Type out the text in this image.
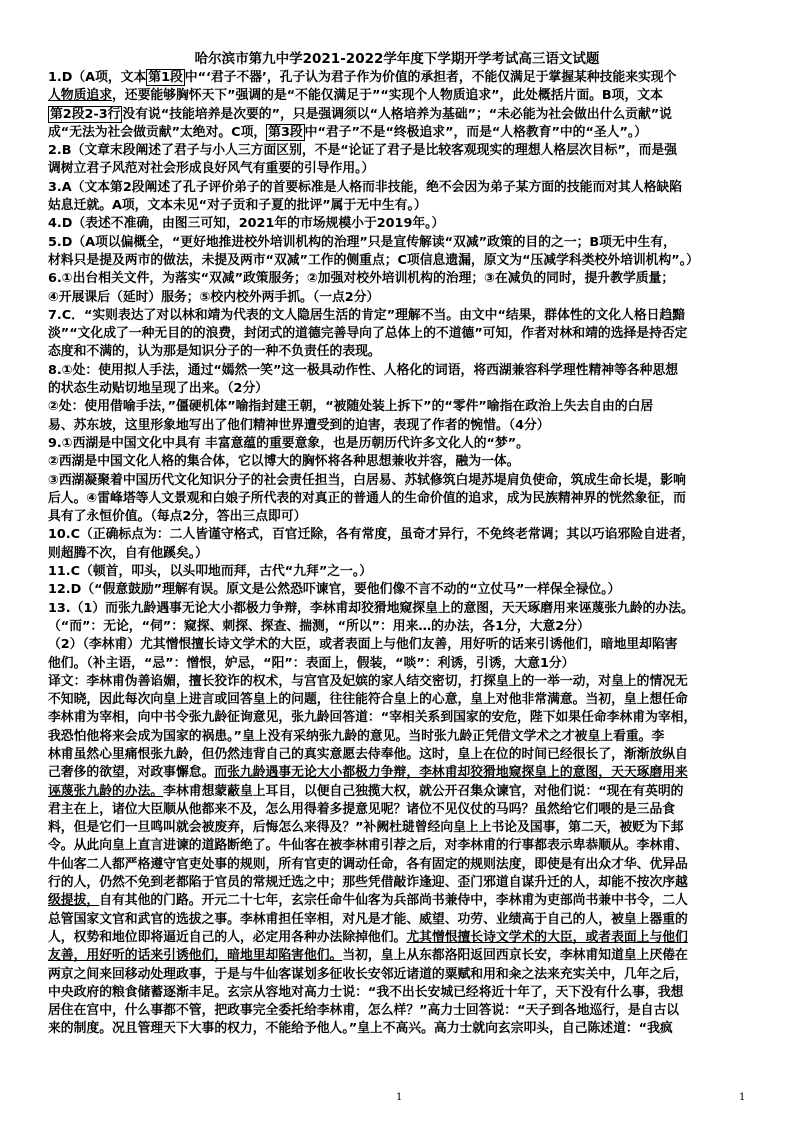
哈尔滨市第九中学2021-2022学年度下学期开学考试高三语文试题
1.D（A项，文本 第1段 中“‘君子不器’，孔子认为君子作为价值的承担者，不能仅满足于掌握某种技能来实现个
人物质追求，还要能够胸怀天下”强调的是“不能仅满足于”“实现个人物质追求”，此处概括片面。B项，文本
第2段2-3行 没有说“技能培养是次要的”，只是强调须以“人格培养为基础”；“未必能为社会做出什么贡献”说
成“无法为社会做贡献”太绝对。C项， 第3段 中“君子”不是“终极追求”，而是“人格教育”中的“圣人”。）
2.B（文章末段阐述了君子与小人三方面区别，不是“论证了君子是比较客观现实的理想人格层次目标”，而是强
调树立君子风范对社会形成良好风气有重要的引导作用。）
3.A（文本第2段阐述了孔子评价弟子的首要标准是人格而非技能，绝不会因为弟子某方面的技能而对其人格缺陷
姑息迁就。A项，文本未见“对子贡和子夏的批评”属于无中生有。）
4.D（表述不准确，由图三可知，2021年的市场规模小于2019年。）
5.D（A项以偏概全，“更好地推进校外培训机构的治理”只是宣传解读“双减”政策的目的之一；B项无中生有，
材料只是提及两市的做法，未提及两市“双减”工作的侧重点；C项信息遗漏，原文为“压减学科类校外培训机构”。）
6.①出台相关文件，为落实“双减”政策服务；②加强对校外培训机构的治理；③在减负的同时，提升教学质量；
④开展课后（延时）服务；⑤校内校外两手抓。（一点2分）
7.C．“实则表达了对以林和靖为代表的文人隐居生活的肯定”理解不当。由文中“结果，群体性的文化人格日趋黯
淡”“文化成了一种无目的的浪费，封闭式的道德完善导向了总体上的不道德”可知，作者对林和靖的选择是持否定
态度和不满的，认为那是知识分子的一种不负责任的表现。
8.①处：使用拟人手法，通过“嫣然一笑”这一极具动作性、人格化的词语，将西湖兼容科学理性精神等各种思想
的状态生动贴切地呈现了出来。（2分）
②处：使用借喻手法，”僵硬机体”喻指封建王朝，“被随处装上拆下”的“零件”喻指在政治上失去自由的白居
易、苏东坡，这里形象地写出了他们精神世界遭受到的迫害，表现了作者的惋惜。（4分）
9.①西湖是中国文化中具有 丰富意蕴的重要意象，也是历朝历代许多文化人的“梦”。
②西湖是中国文化人格的集合体，它以博大的胸怀将各种思想兼收并容，融为一体。
③西湖凝聚着中国历代文化知识分子的社会责任担当，白居易、苏轼修筑白堤苏堤肩负使命，筑成生命长堤，影响
后人。④雷峰塔等人文景观和白娘子所代表的对真正的普通人的生命价值的追求，成为民族精神界的恍然象征，而
具有了永恒价值。（每点2分，答出三点即可）
10.C（正确标点为：二人皆谨守格式，百官迁除，各有常度，虽奇才异行，不免终老常调；其以巧谄邪险自进者，
则超腾不次，自有他蹊矣。）
11.C（顿首，叩头，以头叩地而拜，古代“九拜”之一。）
12.D（“假意鼓励”理解有误。原文是公然恐吓谏官，要他们像不言不动的“立仗马”一样保全禄位。）
13.（1）而张九龄遇事无论大小都极力争辩，李林甫却狡猾地窥探皇上的意图，天天琢磨用来诬蔑张九龄的办法。
（“而”：无论，“伺”：窥探、刺探、探查、揣测，“所以”：用来…的办法，各1分，大意2分）
（2）（李林甫）尤其憎恨擅长诗文学术的大臣，或者表面上与他们友善，用好听的话来引诱他们，暗地里却陷害
他们。（补主语，“忌”：憎恨，妒忌，“阳”：表面上，假装，“啖”：利诱，引诱，大意1分）
译文：李林甫伪善谄媚，擅长狡诈的权术，与宫官及妃嫔的家人结交密切，打探皇上的一举一动，对皇上的情况无
不知晓，因此每次向皇上进言或回答皇上的问题，往往能符合皇上的心意，皇上对他非常满意。当初，皇上想任命
李林甫为宰相，向中书令张九龄征询意见，张九龄回答道：“宰相关系到国家的安危，陛下如果任命李林甫为宰相，
我恐怕他将来会成为国家的祸患。”皇上没有采纳张九龄的意见。当时张九龄正凭借文学术之才被皇上看重。李
林甫虽然心里痛恨张九龄，但仍然违背自己的真实意愿去侍奉他。这时，皇上在位的时间已经很长了，渐渐放纵自
己奢侈的欲望，对政事懈怠。而张九龄遇事无论大小都极力争辩，李林甫却狡猾地窥探皇上的意图，天天琢磨用来
诬蔑张九龄的办法。李林甫想蒙蔽皇上耳目，以便自己独揽大权，就公开召集众谏官，对他们说：“现在有英明的
君主在上，诸位大臣顺从他都来不及，怎么用得着多提意见呢？诸位不见仪仗的马吗？虽然给它们喂的是三品食
料，但是它们一旦鸣叫就会被废弃，后悔怎么来得及？”补阙杜琎曾经向皇上上书论及国事，第二天，被贬为下邽
令。从此向皇上直言进谏的道路断绝了。牛仙客在被李林甫引荐之后，对李林甫的行事都表示卑恭顺从。李林甫、
牛仙客二人都严格遵守官吏处事的规则，所有官吏的调动任命，各有固定的规则法度，即使是有出众才华、优异品
行的人，仍然不免到老都陷于官员的常规迁选之中；那些凭借敲诈逢迎、歪门邪道自谋升迁的人，却能不按次序越
级提拔，自有其他的门路。开元二十七年，玄宗任命牛仙客为兵部尚书兼侍中，李林甫为吏部尚书兼中书令，二人
总管国家文官和武官的选拔之事。李林甫担任宰相，对凡是才能、威望、功劳、业绩高于自己的人，被皇上器重的
人，权势和地位即将逼近自己的人，必定用各种办法除掉他们。尤其憎恨擅长诗文学术的大臣，或者表面上与他们
友善，用好听的话来引诱他们，暗地里却陷害他们。当初，皇上从东都洛阳返回西京长安，李林甫知道皇上厌倦在
两京之间来回移动处理政事，于是与牛仙客谋划多征收长安邻近诸道的粟赋和用和籴之法来充实关中，几年之后，
中央政府的粮食储蓄逐渐丰足。玄宗从容地对高力士说：“我不出长安城已经将近十年了，天下没有什么事，我想
居住在宫中，什么事都不管，把政事完全委托给李林甫，怎么样？”高力士回答说：“天子到各地巡行，是自古以
来的制度。况且管理天下大事的权力，不能给予他人。”皇上不高兴。高力士就向玄宗叩头，自己陈述道：“我疯
1	1
